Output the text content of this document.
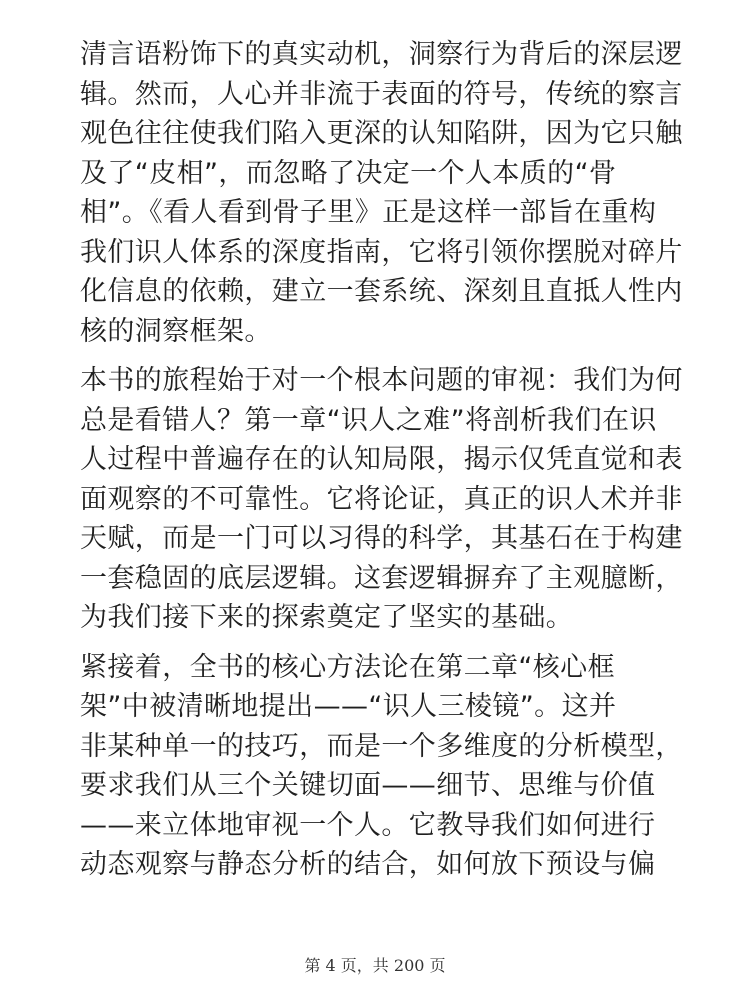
清言语粉饰下的真实动机，洞察行为背后的深层逻
辑。然而，人心并非流于表面的符号，传统的察言
观色往往使我们陷入更深的认知陷阱，因为它只触
及了“皮相”，而忽略了决定一个人本质的“骨
相”。《看人看到骨子里》正是这样一部旨在重构
我们识人体系的深度指南，它将引领你摆脱对碎片
化信息的依赖，建立一套系统、深刻且直抵人性内
核的洞察框架。

本书的旅程始于对一个根本问题的审视：我们为何
总是看错人？第一章“识人之难”将剖析我们在识
人过程中普遍存在的认知局限，揭示仅凭直觉和表
面观察的不可靠性。它将论证，真正的识人术并非
天赋，而是一门可以习得的科学，其基石在于构建
一套稳固的底层逻辑。这套逻辑摒弃了主观臆断，
为我们接下来的探索奠定了坚实的基础。

紧接着，全书的核心方法论在第二章“核心框
架”中被清晰地提出——“识人三棱镜”。这并
非某种单一的技巧，而是一个多维度的分析模型，
要求我们从三个关键切面——细节、思维与价值
——来立体地审视一个人。它教导我们如何进行
动态观察与静态分析的结合，如何放下预设与偏

第 4 页，共 200 页
